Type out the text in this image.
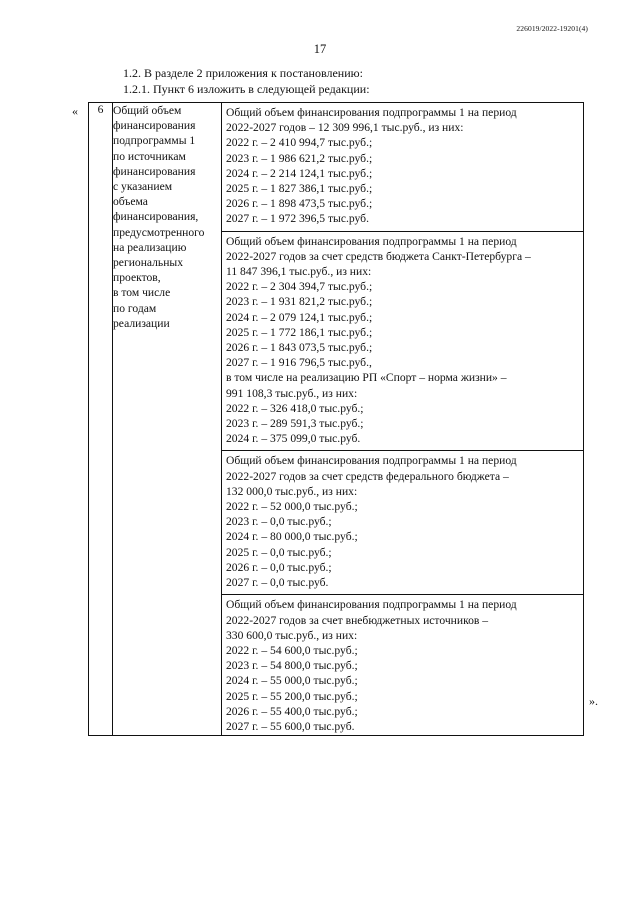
226019/2022-19201(4)
17
1.2. В разделе 2 приложения к постановлению:
1.2.1. Пункт 6 изложить в следующей редакции:
« 6	Общий объем
финансирования
подпрограммы 1
по источникам
финансирования
с указанием
объема
финансирования,
предусмотренного
на реализацию
региональных
проектов,
в том числе
по годам
реализации

Общий объем финансирования подпрограммы 1 на период
2022-2027 годов – 12 309 996,1 тыс.руб., из них:
2022 г. – 2 410 994,7 тыс.руб.;
2023 г. – 1 986 621,2 тыс.руб.;
2024 г. – 2 214 124,1 тыс.руб.;
2025 г. – 1 827 386,1 тыс.руб.;
2026 г. – 1 898 473,5 тыс.руб.;
2027 г. – 1 972 396,5 тыс.руб.
Общий объем финансирования подпрограммы 1 на период
2022-2027 годов за счет средств бюджета Санкт-Петербурга –
11 847 396,1 тыс.руб., из них:
2022 г. – 2 304 394,7 тыс.руб.;
2023 г. – 1 931 821,2 тыс.руб.;
2024 г. – 2 079 124,1 тыс.руб.;
2025 г. – 1 772 186,1 тыс.руб.;
2026 г. – 1 843 073,5 тыс.руб.;
2027 г. – 1 916 796,5 тыс.руб.,
в том числе на реализацию РП «Спорт – норма жизни» –
991 108,3 тыс.руб., из них:
2022 г. – 326 418,0 тыс.руб.;
2023 г. – 289 591,3 тыс.руб.;
2024 г. – 375 099,0 тыс.руб.
Общий объем финансирования подпрограммы 1 на период
2022-2027 годов за счет средств федерального бюджета –
132 000,0 тыс.руб., из них:
2022 г. – 52 000,0 тыс.руб.;
2023 г. – 0,0 тыс.руб.;
2024 г. – 80 000,0 тыс.руб.;
2025 г. – 0,0 тыс.руб.;
2026 г. – 0,0 тыс.руб.;
2027 г. – 0,0 тыс.руб.
Общий объем финансирования подпрограммы 1 на период
2022-2027 годов за счет внебюджетных источников –
330 600,0 тыс.руб., из них:
2022 г. – 54 600,0 тыс.руб.;
2023 г. – 54 800,0 тыс.руб.;
2024 г. – 55 000,0 тыс.руб.;
2025 г. – 55 200,0 тыс.руб.;
2026 г. – 55 400,0 тыс.руб.;
2027 г. – 55 600,0 тыс.руб.
».
